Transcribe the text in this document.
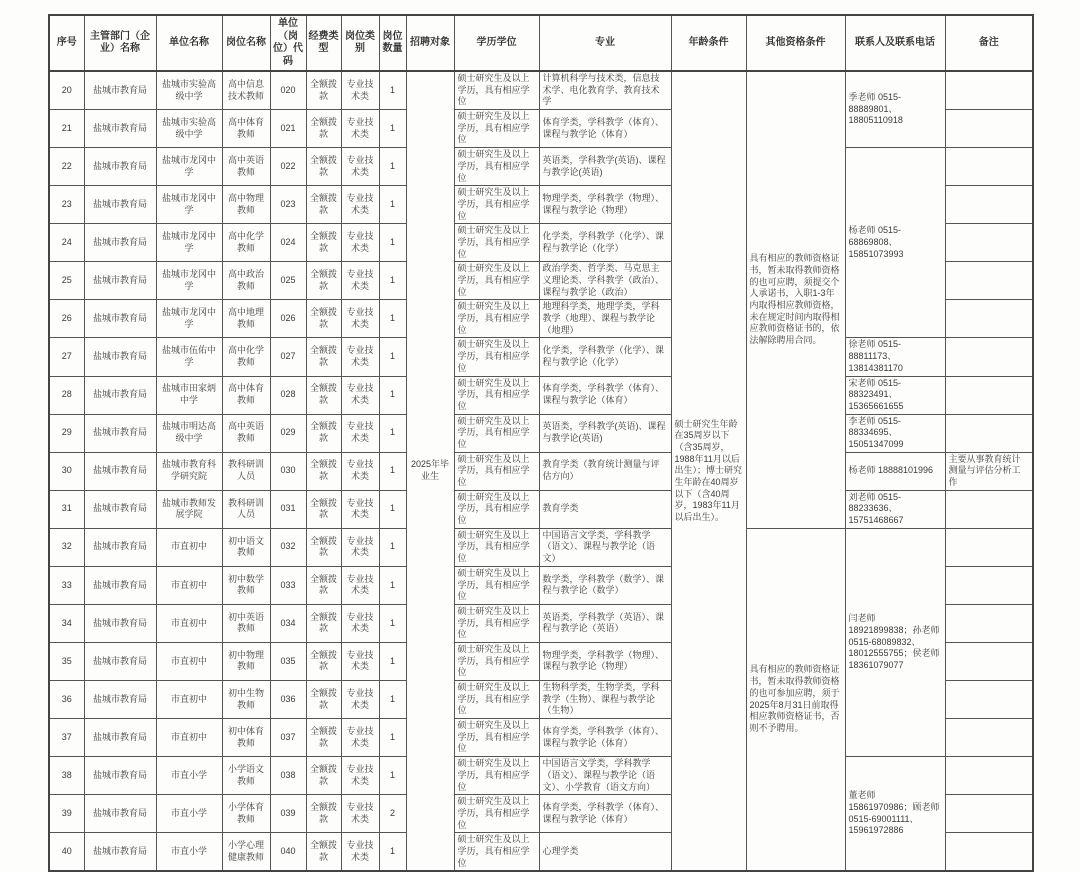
序号	主管部门（企业）名称	单位名称	岗位名称	单位（岗位）代码	经费类型	岗位类别	岗位数量	招聘对象	学历学位	专业	年龄条件	其他资格条件	联系人及联系电话	备注
20	盐城市教育局	盐城市实验高级中学	高中信息技术教师	020	全额拨款	专业技术类	1	2025年毕业生	硕士研究生及以上学历，具有相应学位	计算机科学与技术类，信息技术学、电化教育学、教育技术学	硕士研究生年龄在35周岁以下（含35周岁，1988年11月以后出生）；博士研究生年龄在40周岁以下（含40周岁，1983年11月以后出生）。	具有相应的教师资格证书，暂未取得教师资格的也可应聘，须提交个人承诺书，入职1-3年内取得相应教师资格，未在规定时间内取得相应教师资格证书的，依法解除聘用合同。	季老师 0515-88889801、18805110918	
21	盐城市教育局	盐城市实验高级中学	高中体育教师	021	全额拨款	专业技术类	1		硕士研究生及以上学历，具有相应学位	体育学类，学科教学（体育）、课程与教学论（体育）				
22	盐城市教育局	盐城市龙冈中学	高中英语教师	022	全额拨款	专业技术类	1		硕士研究生及以上学历，具有相应学位	英语类，学科教学(英语)、课程与教学论(英语)			杨老师 0515-68869808、15851073993	
23	盐城市教育局	盐城市龙冈中学	高中物理教师	023	全额拨款	专业技术类	1		硕士研究生及以上学历，具有相应学位	物理学类，学科教学（物理）、课程与教学论（物理）				
24	盐城市教育局	盐城市龙冈中学	高中化学教师	024	全额拨款	专业技术类	1		硕士研究生及以上学历，具有相应学位	化学类，学科教学（化学）、课程与教学论（化学）				
25	盐城市教育局	盐城市龙冈中学	高中政治教师	025	全额拨款	专业技术类	1		硕士研究生及以上学历，具有相应学位	政治学类、哲学类、马克思主义理论类、学科教学（政治）、课程与教学论（政治）				
26	盐城市教育局	盐城市龙冈中学	高中地理教师	026	全额拨款	专业技术类	1		硕士研究生及以上学历，具有相应学位	地理科学类，地理学类，学科教学（地理）、课程与教学论（地理）				
27	盐城市教育局	盐城市伍佑中学	高中化学教师	027	全额拨款	专业技术类	1		硕士研究生及以上学历，具有相应学位	化学类，学科教学（化学）、课程与教学论（化学）			徐老师 0515-88811173、13814381170	
28	盐城市教育局	盐城市田家炳中学	高中体育教师	028	全额拨款	专业技术类	1		硕士研究生及以上学历，具有相应学位	体育学类，学科教学（体育）、课程与教学论（体育）			宋老师 0515-88323491、15365661655	
29	盐城市教育局	盐城市明达高级中学	高中英语教师	029	全额拨款	专业技术类	1		硕士研究生及以上学历，具有相应学位	英语类，学科教学(英语)、课程与教学论(英语)			李老师 0515-88334695、15051347099	
30	盐城市教育局	盐城市教育科学研究院	教科研训人员	030	全额拨款	专业技术类	1		硕士研究生及以上学历，具有相应学位	教育学类（教育统计测量与评估方向）			杨老师 18888101996	主要从事教育统计测量与评估分析工作
31	盐城市教育局	盐城市教师发展学院	教科研训人员	031	全额拨款	专业技术类	1		硕士研究生及以上学历，具有相应学位	教育学类			刘老师 0515-88233636、15751468667	
32	盐城市教育局	市直初中	初中语文教师	032	全额拨款	专业技术类	1		硕士研究生及以上学历，具有相应学位	中国语言文学类，学科教学（语文）、课程与教学论（语文）		具有相应的教师资格证书，暂未取得教师资格的也可参加应聘，须于2025年8月31日前取得相应教师资格证书，否则不予聘用。	闫老师 18921899838；孙老师 0515-68089832、18012555755；侯老师 18361079077	
33	盐城市教育局	市直初中	初中数学教师	033	全额拨款	专业技术类	1		硕士研究生及以上学历，具有相应学位	数学类，学科教学（数学）、课程与教学论（数学）				
34	盐城市教育局	市直初中	初中英语教师	034	全额拨款	专业技术类	1		硕士研究生及以上学历，具有相应学位	英语类，学科教学（英语）、课程与教学论（英语）				
35	盐城市教育局	市直初中	初中物理教师	035	全额拨款	专业技术类	1		硕士研究生及以上学历，具有相应学位	物理学类，学科教学（物理）、课程与教学论（物理）				
36	盐城市教育局	市直初中	初中生物教师	036	全额拨款	专业技术类	1		硕士研究生及以上学历，具有相应学位	生物科学类，生物学类，学科教学（生物）、课程与教学论（生物）				
37	盐城市教育局	市直初中	初中体育教师	037	全额拨款	专业技术类	1		硕士研究生及以上学历，具有相应学位	体育学类，学科教学（体育）、课程与教学论（体育）				
38	盐城市教育局	市直小学	小学语文教师	038	全额拨款	专业技术类	1		硕士研究生及以上学历，具有相应学位	中国语言文学类，学科教学（语文）、课程与教学论（语文）、小学教育（语文方向）			董老师 15861970986；顾老师 0515-69001111、15961972886	
39	盐城市教育局	市直小学	小学体育教师	039	全额拨款	专业技术类	2		硕士研究生及以上学历，具有相应学位	体育学类，学科教学（体育）、课程与教学论（体育）				
40	盐城市教育局	市直小学	小学心理健康教师	040	全额拨款	专业技术类	1		硕士研究生及以上学历，具有相应学位	心理学类				
